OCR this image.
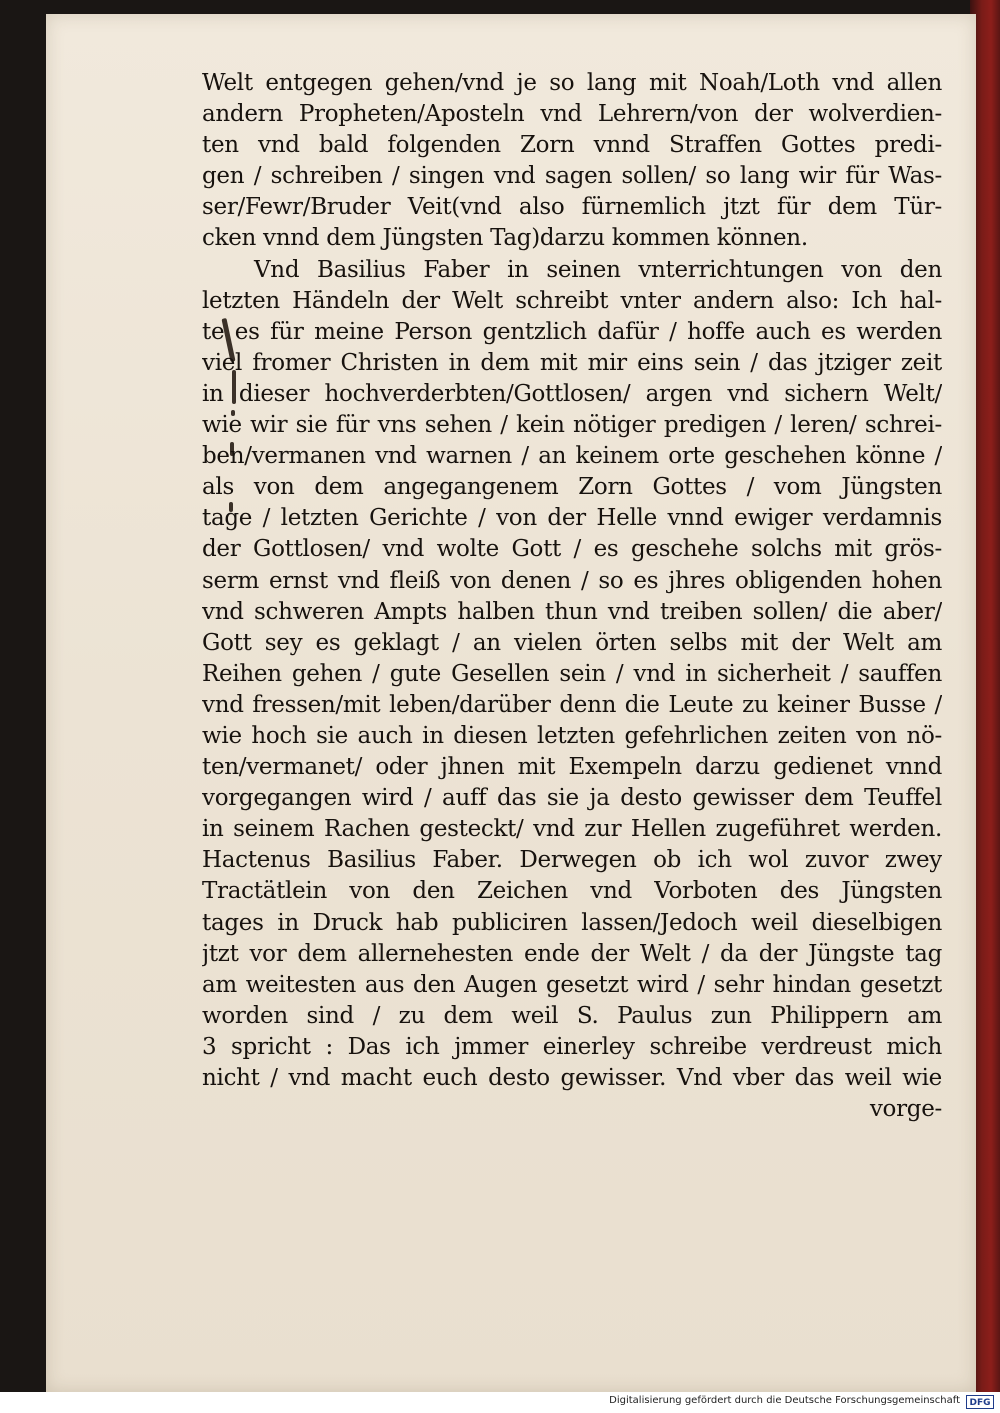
Welt entgegen gehen/vnd je so lang mit Noah/Loth vnd allen
andern Propheten/Aposteln vnd Lehrern/von der wolverdien-
ten vnd bald folgenden Zorn vnnd Straffen Gottes predi-
gen / schreiben / singen vnd sagen sollen/ so lang wir für Was-
ser/Fewr/Bruder Veit(vnd also fürnemlich jtzt für dem Tür-
cken vnnd dem Jüngsten Tag)darzu kommen können.
Vnd Basilius Faber in seinen vnterrichtungen von den
letzten Händeln der Welt schreibt vnter andern also: Ich hal-
te es für meine Person gentzlich dafür / hoffe auch es werden
viel fromer Christen in dem mit mir eins sein / das jtziger zeit
in dieser hochverderbten/Gottlosen/ argen vnd sichern Welt/
wie wir sie für vns sehen / kein nötiger predigen / leren/ schrei-
ben/vermanen vnd warnen / an keinem orte geschehen könne /
als von dem angegangenem Zorn Gottes / vom Jüngsten
tage / letzten Gerichte / von der Helle vnnd ewiger verdamnis
der Gottlosen/ vnd wolte Gott / es geschehe solchs mit grös-
serm ernst vnd fleiß von denen / so es jhres obligenden hohen
vnd schweren Ampts halben thun vnd treiben sollen/ die aber/
Gott sey es geklagt / an vielen örten selbs mit der Welt am
Reihen gehen / gute Gesellen sein / vnd in sicherheit / sauffen
vnd fressen/mit leben/darüber denn die Leute zu keiner Busse /
wie hoch sie auch in diesen letzten gefehrlichen zeiten von nö-
ten/vermanet/ oder jhnen mit Exempeln darzu gedienet vnnd
vorgegangen wird / auff das sie ja desto gewisser dem Teuffel
in seinem Rachen gesteckt/ vnd zur Hellen zugeführet werden.
Hactenus Basilius Faber. Derwegen ob ich wol zuvor zwey
Tractätlein von den Zeichen vnd Vorboten des Jüngsten
tages in Druck hab publiciren lassen/Jedoch weil dieselbigen
jtzt vor dem allernehesten ende der Welt / da der Jüngste tag
am weitesten aus den Augen gesetzt wird / sehr hindan gesetzt
worden sind / zu dem weil S. Paulus zun Philippern am
3 spricht : Das ich jmmer einerley schreibe verdreust mich
nicht / vnd macht euch desto gewisser. Vnd vber das weil wie
vorge-
Digitalisierung gefördert durch die Deutsche Forschungsgemeinschaft	DFG
